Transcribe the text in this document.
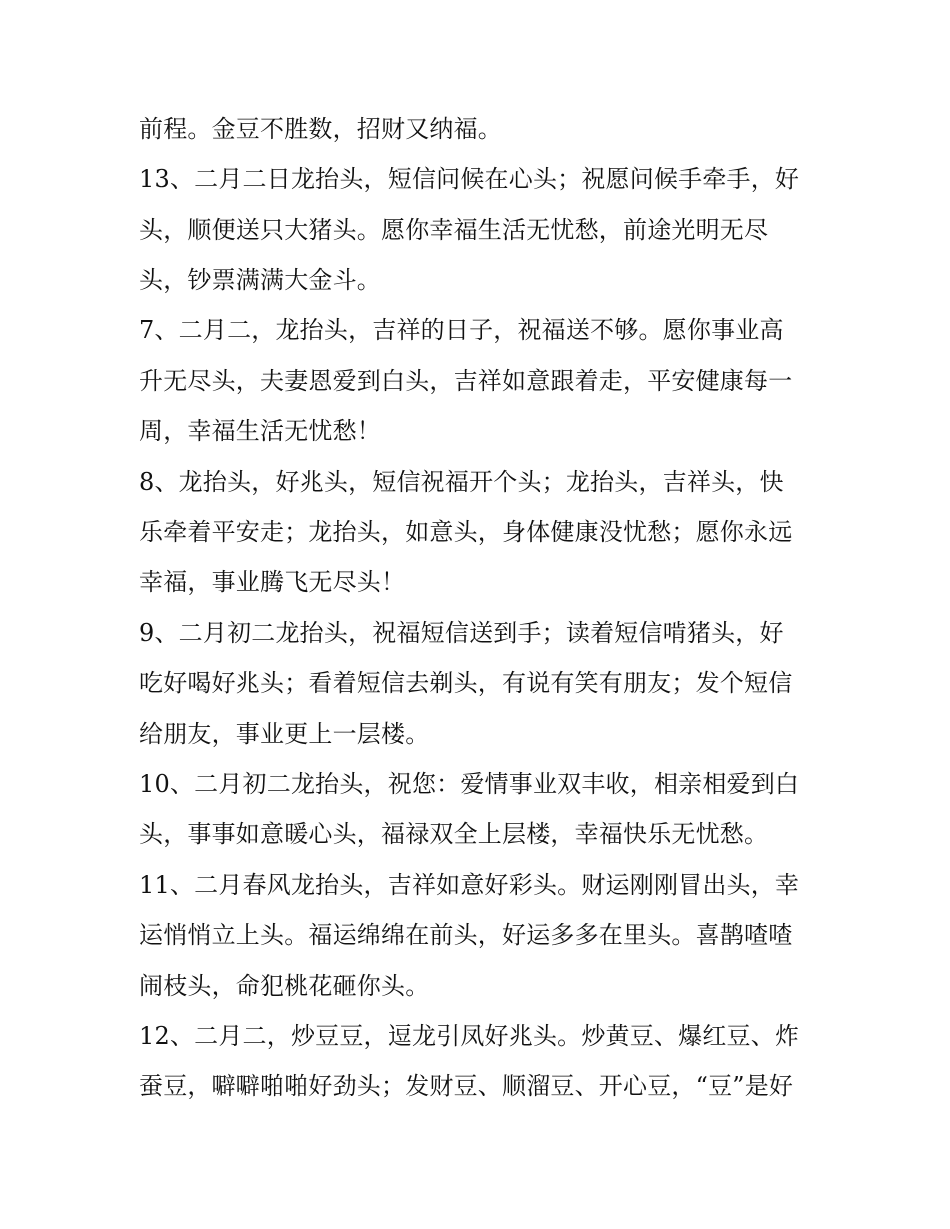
前程。金豆不胜数，招财又纳福。
13、二月二日龙抬头，短信问候在心头；祝愿问候手牵手，好
头，顺便送只大猪头。愿你幸福生活无忧愁，前途光明无尽
头，钞票满满大金斗。
7、二月二，龙抬头，吉祥的日子，祝福送不够。愿你事业高
升无尽头，夫妻恩爱到白头，吉祥如意跟着走，平安健康每一
周，幸福生活无忧愁！
8、龙抬头，好兆头，短信祝福开个头；龙抬头，吉祥头，快
乐牵着平安走；龙抬头，如意头，身体健康没忧愁；愿你永远
幸福，事业腾飞无尽头！
9、二月初二龙抬头，祝福短信送到手；读着短信啃猪头，好
吃好喝好兆头；看着短信去剃头，有说有笑有朋友；发个短信
给朋友，事业更上一层楼。
10、二月初二龙抬头，祝您：爱情事业双丰收，相亲相爱到白
头，事事如意暖心头，福禄双全上层楼，幸福快乐无忧愁。
11、二月春风龙抬头，吉祥如意好彩头。财运刚刚冒出头，幸
运悄悄立上头。福运绵绵在前头，好运多多在里头。喜鹊喳喳
闹枝头，命犯桃花砸你头。
12、二月二，炒豆豆，逗龙引凤好兆头。炒黄豆、爆红豆、炸
蚕豆，噼噼啪啪好劲头；发财豆、顺溜豆、开心豆，“豆”是好
